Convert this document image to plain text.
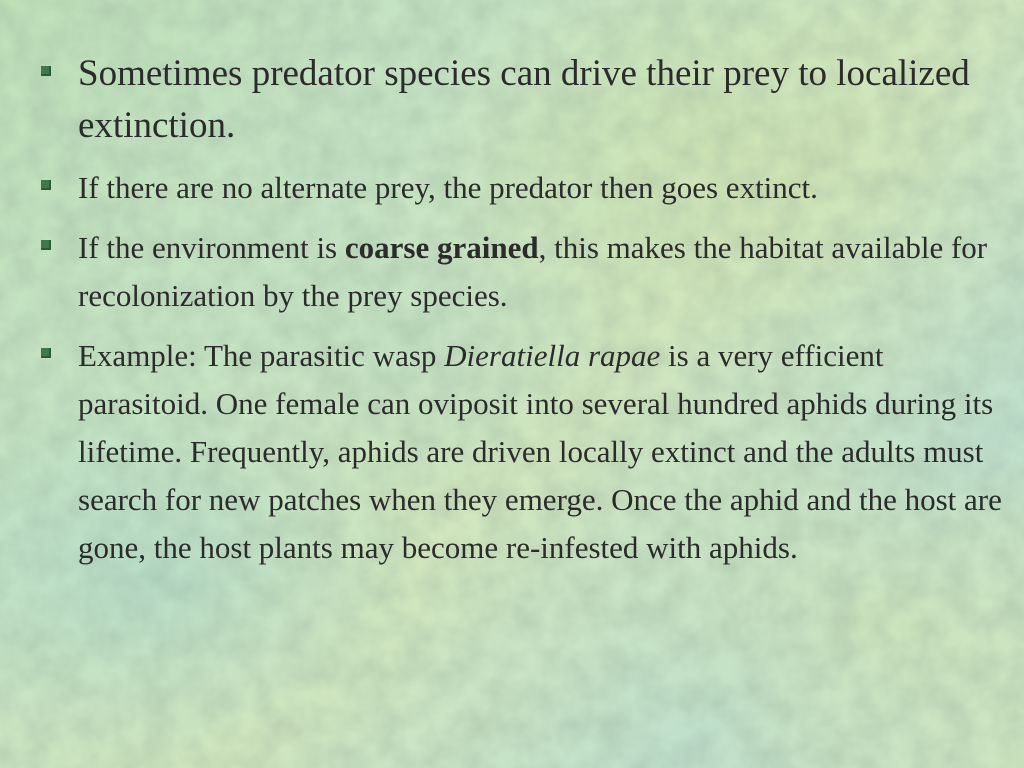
Sometimes predator species can drive their prey to localized extinction.
If there are no alternate prey, the predator then goes extinct.
If the environment is coarse grained, this makes the habitat available for recolonization by the prey species.
Example: The parasitic wasp Dieratiella rapae is a very efficient parasitoid. One female can oviposit into several hundred aphids during its lifetime. Frequently, aphids are driven locally extinct and the adults must search for new patches when they emerge. Once the aphid and the host are gone, the host plants may become re-infested with aphids.
